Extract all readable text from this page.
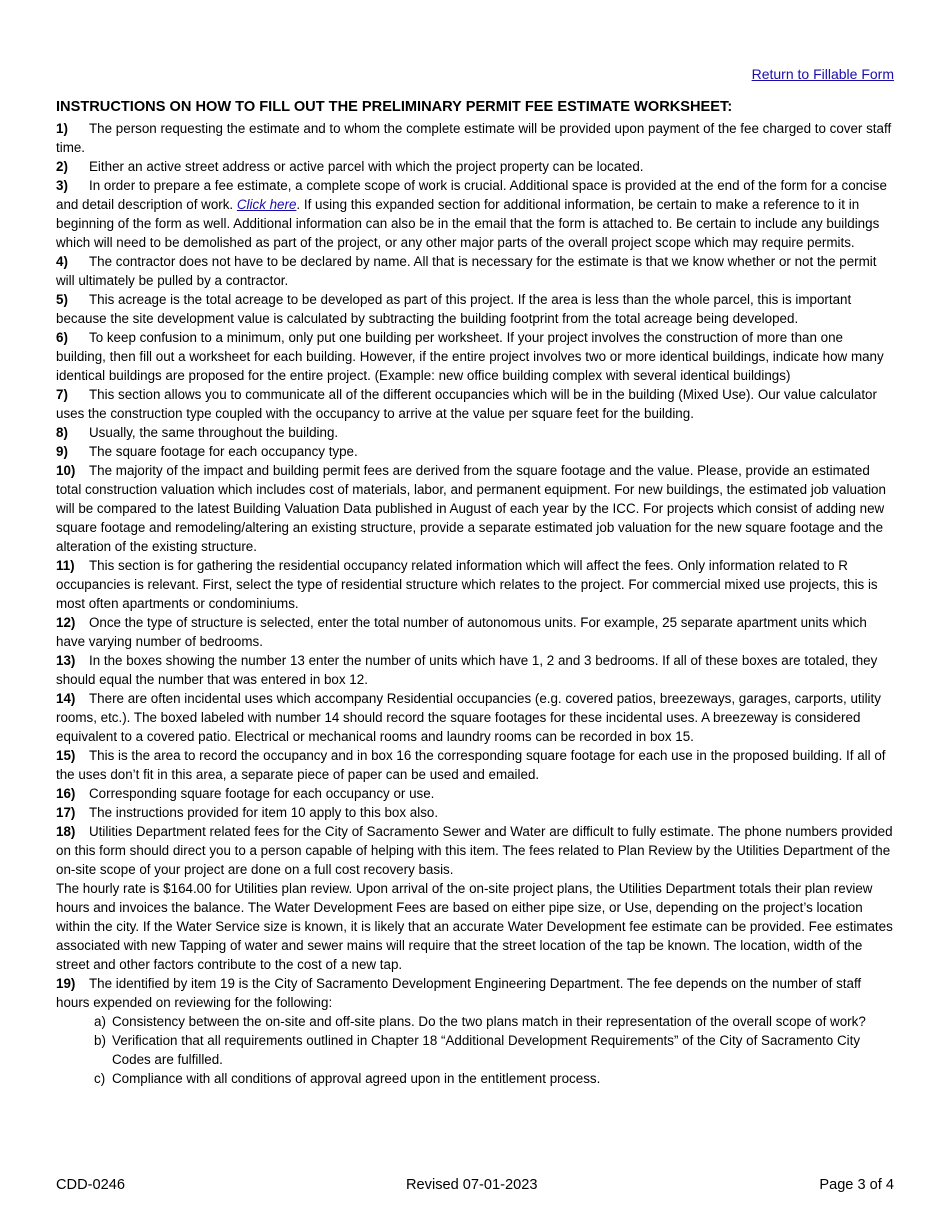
Return to Fillable Form
INSTRUCTIONS ON HOW TO FILL OUT THE PRELIMINARY PERMIT FEE ESTIMATE WORKSHEET:

1) The person requesting the estimate and to whom the complete estimate will be provided upon payment of the fee charged to cover staff time.

2) Either an active street address or active parcel with which the project property can be located.

3) In order to prepare a fee estimate, a complete scope of work is crucial. Additional space is provided at the end of the form for a concise and detail description of work. Click here. If using this expanded section for additional information, be certain to make a reference to it in beginning of the form as well. Additional information can also be in the email that the form is attached to. Be certain to include any buildings which will need to be demolished as part of the project, or any other major parts of the overall project scope which may require permits.

4) The contractor does not have to be declared by name. All that is necessary for the estimate is that we know whether or not the permit will ultimately be pulled by a contractor.

5) This acreage is the total acreage to be developed as part of this project. If the area is less than the whole parcel, this is important because the site development value is calculated by subtracting the building footprint from the total acreage being developed.

6) To keep confusion to a minimum, only put one building per worksheet. If your project involves the construction of more than one building, then fill out a worksheet for each building. However, if the entire project involves two or more identical buildings, indicate how many identical buildings are proposed for the entire project. (Example: new office building complex with several identical buildings)

7) This section allows you to communicate all of the different occupancies which will be in the building (Mixed Use). Our value calculator uses the construction type coupled with the occupancy to arrive at the value per square feet for the building.

8) Usually, the same throughout the building.

9) The square footage for each occupancy type.

10) The majority of the impact and building permit fees are derived from the square footage and the value. Please, provide an estimated total construction valuation which includes cost of materials, labor, and permanent equipment. For new buildings, the estimated job valuation will be compared to the latest Building Valuation Data published in August of each year by the ICC. For projects which consist of adding new square footage and remodeling/altering an existing structure, provide a separate estimated job valuation for the new square footage and the alteration of the existing structure.

11) This section is for gathering the residential occupancy related information which will affect the fees. Only information related to R occupancies is relevant. First, select the type of residential structure which relates to the project. For commercial mixed use projects, this is most often apartments or condominiums.

12) Once the type of structure is selected, enter the total number of autonomous units. For example, 25 separate apartment units which have varying number of bedrooms.

13) In the boxes showing the number 13 enter the number of units which have 1, 2 and 3 bedrooms. If all of these boxes are totaled, they should equal the number that was entered in box 12.

14) There are often incidental uses which accompany Residential occupancies (e.g. covered patios, breezeways, garages, carports, utility rooms, etc.). The boxed labeled with number 14 should record the square footages for these incidental uses. A breezeway is considered equivalent to a covered patio. Electrical or mechanical rooms and laundry rooms can be recorded in box 15.

15) This is the area to record the occupancy and in box 16 the corresponding square footage for each use in the proposed building. If all of the uses don’t fit in this area, a separate piece of paper can be used and emailed.

16) Corresponding square footage for each occupancy or use.

17) The instructions provided for item 10 apply to this box also.

18) Utilities Department related fees for the City of Sacramento Sewer and Water are difficult to fully estimate. The phone numbers provided on this form should direct you to a person capable of helping with this item. The fees related to Plan Review by the Utilities Department of the on-site scope of your project are done on a full cost recovery basis.

The hourly rate is $164.00 for Utilities plan review. Upon arrival of the on-site project plans, the Utilities Department totals their plan review hours and invoices the balance. The Water Development Fees are based on either pipe size, or Use, depending on the project’s location within the city. If the Water Service size is known, it is likely that an accurate Water Development fee estimate can be provided. Fee estimates associated with new Tapping of water and sewer mains will require that the street location of the tap be known. The location, width of the street and other factors contribute to the cost of a new tap.

19) The identified by item 19 is the City of Sacramento Development Engineering Department. The fee depends on the number of staff hours expended on reviewing for the following:

a) Consistency between the on-site and off-site plans. Do the two plans match in their representation of the overall scope of work?

b) Verification that all requirements outlined in Chapter 18 “Additional Development Requirements” of the City of Sacramento City Codes are fulfilled.

c) Compliance with all conditions of approval agreed upon in the entitlement process.

CDD-0246	Revised 07-01-2023	Page 3 of 4
